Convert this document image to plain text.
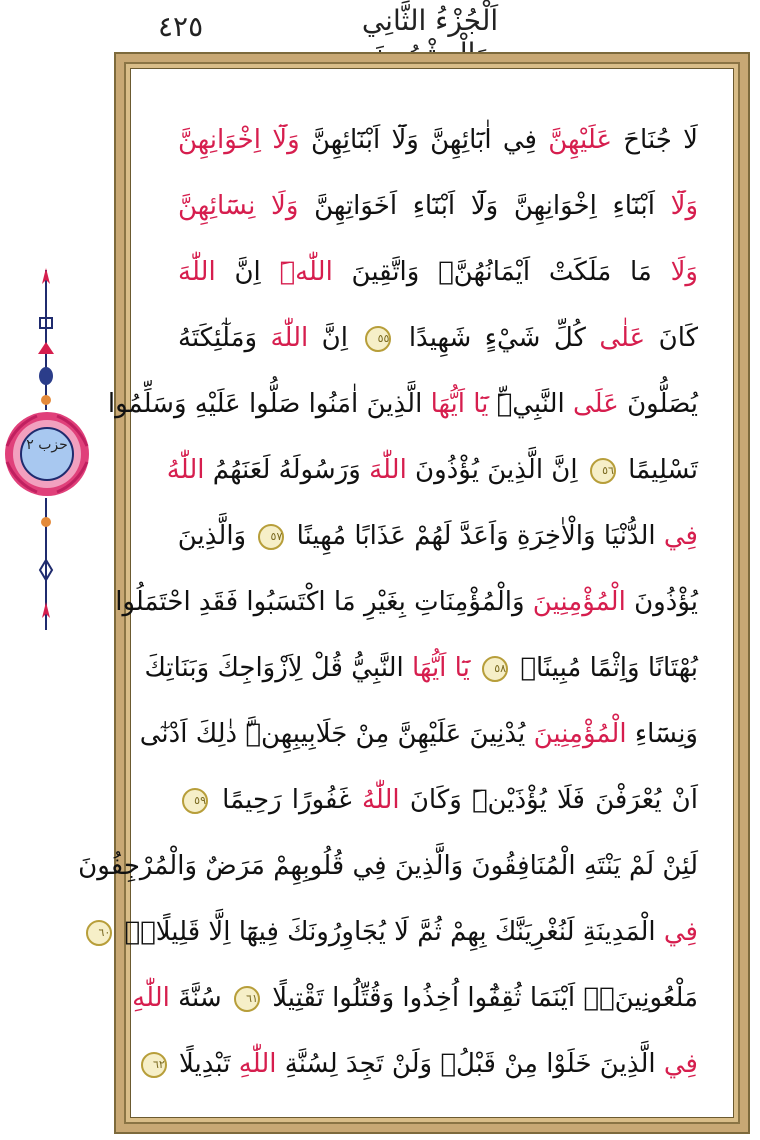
٤٢٥	اَلْجُزْءُ الثَّانِي
حزب ٢
لَا جُنَاحَ عَلَيْهِنَّ فِي اٰبَٓائِهِنَّ وَلَٓا اَبْنَٓائِهِنَّ وَلَٓا اِخْوَانِهِنَّ
وَلَٓا اَبْنَٓاءِ اِخْوَانِهِنَّ وَلَٓا اَبْنَٓاءِ اَخَوَاتِهِنَّ وَلَا نِسَٓائِهِنَّ
وَلَا مَا مَلَكَتْ اَيْمَانُهُنَّۚ وَاتَّقِينَ اللّٰهَۜ اِنَّ اللّٰهَ
كَانَ عَلٰى كُلِّ شَيْءٍ شَهِيدًا ٥٥ اِنَّ اللّٰهَ وَمَلٰٓئِكَتَهُ
يُصَلُّونَ عَلَى النَّبِيِّۜ يَٓا اَيُّهَا الَّذِينَ اٰمَنُوا صَلُّوا عَلَيْهِ وَسَلِّمُوا
تَسْلِيمًا ٥٦ اِنَّ الَّذِينَ يُؤْذُونَ اللّٰهَ وَرَسُولَهُ لَعَنَهُمُ اللّٰهُ
فِي الدُّنْيَا وَالْاٰخِرَةِ وَاَعَدَّ لَهُمْ عَذَابًا مُهِينًا ٥٧ وَالَّذِينَ
يُؤْذُونَ الْمُؤْمِنِينَ وَالْمُؤْمِنَاتِ بِغَيْرِ مَا اكْتَسَبُوا فَقَدِ احْتَمَلُوا
بُهْتَانًا وَاِثْمًا مُبِينًاۚ ٥٨ يَٓا اَيُّهَا النَّبِيُّ قُلْ لِاَزْوَاجِكَ وَبَنَاتِكَ
وَنِسَٓاءِ الْمُؤْمِنِينَ يُدْنِينَ عَلَيْهِنَّ مِنْ جَلَابِيبِهِنَّۜ ذٰلِكَ اَدْنٰٓى
اَنْ يُعْرَفْنَ فَلَا يُؤْذَيْنَۜ وَكَانَ اللّٰهُ غَفُورًا رَحِيمًا ٥٩
لَئِنْ لَمْ يَنْتَهِ الْمُنَافِقُونَ وَالَّذِينَ فِي قُلُوبِهِمْ مَرَضٌ وَالْمُرْجِفُونَ
فِي الْمَدِينَةِ لَنُغْرِيَنَّكَ بِهِمْ ثُمَّ لَا يُجَاوِرُونَكَ فِيهَٓا اِلَّا قَلِيلًاۚۛ ٦٠
مَلْعُونِينَۚۛ اَيْنَمَا ثُقِفُٓوا اُخِذُوا وَقُتِّلُوا تَقْتِيلًا ٦١ سُنَّةَ اللّٰهِ
فِي الَّذِينَ خَلَوْا مِنْ قَبْلُۚ وَلَنْ تَجِدَ لِسُنَّةِ اللّٰهِ تَبْدِيلًا ٦٢
